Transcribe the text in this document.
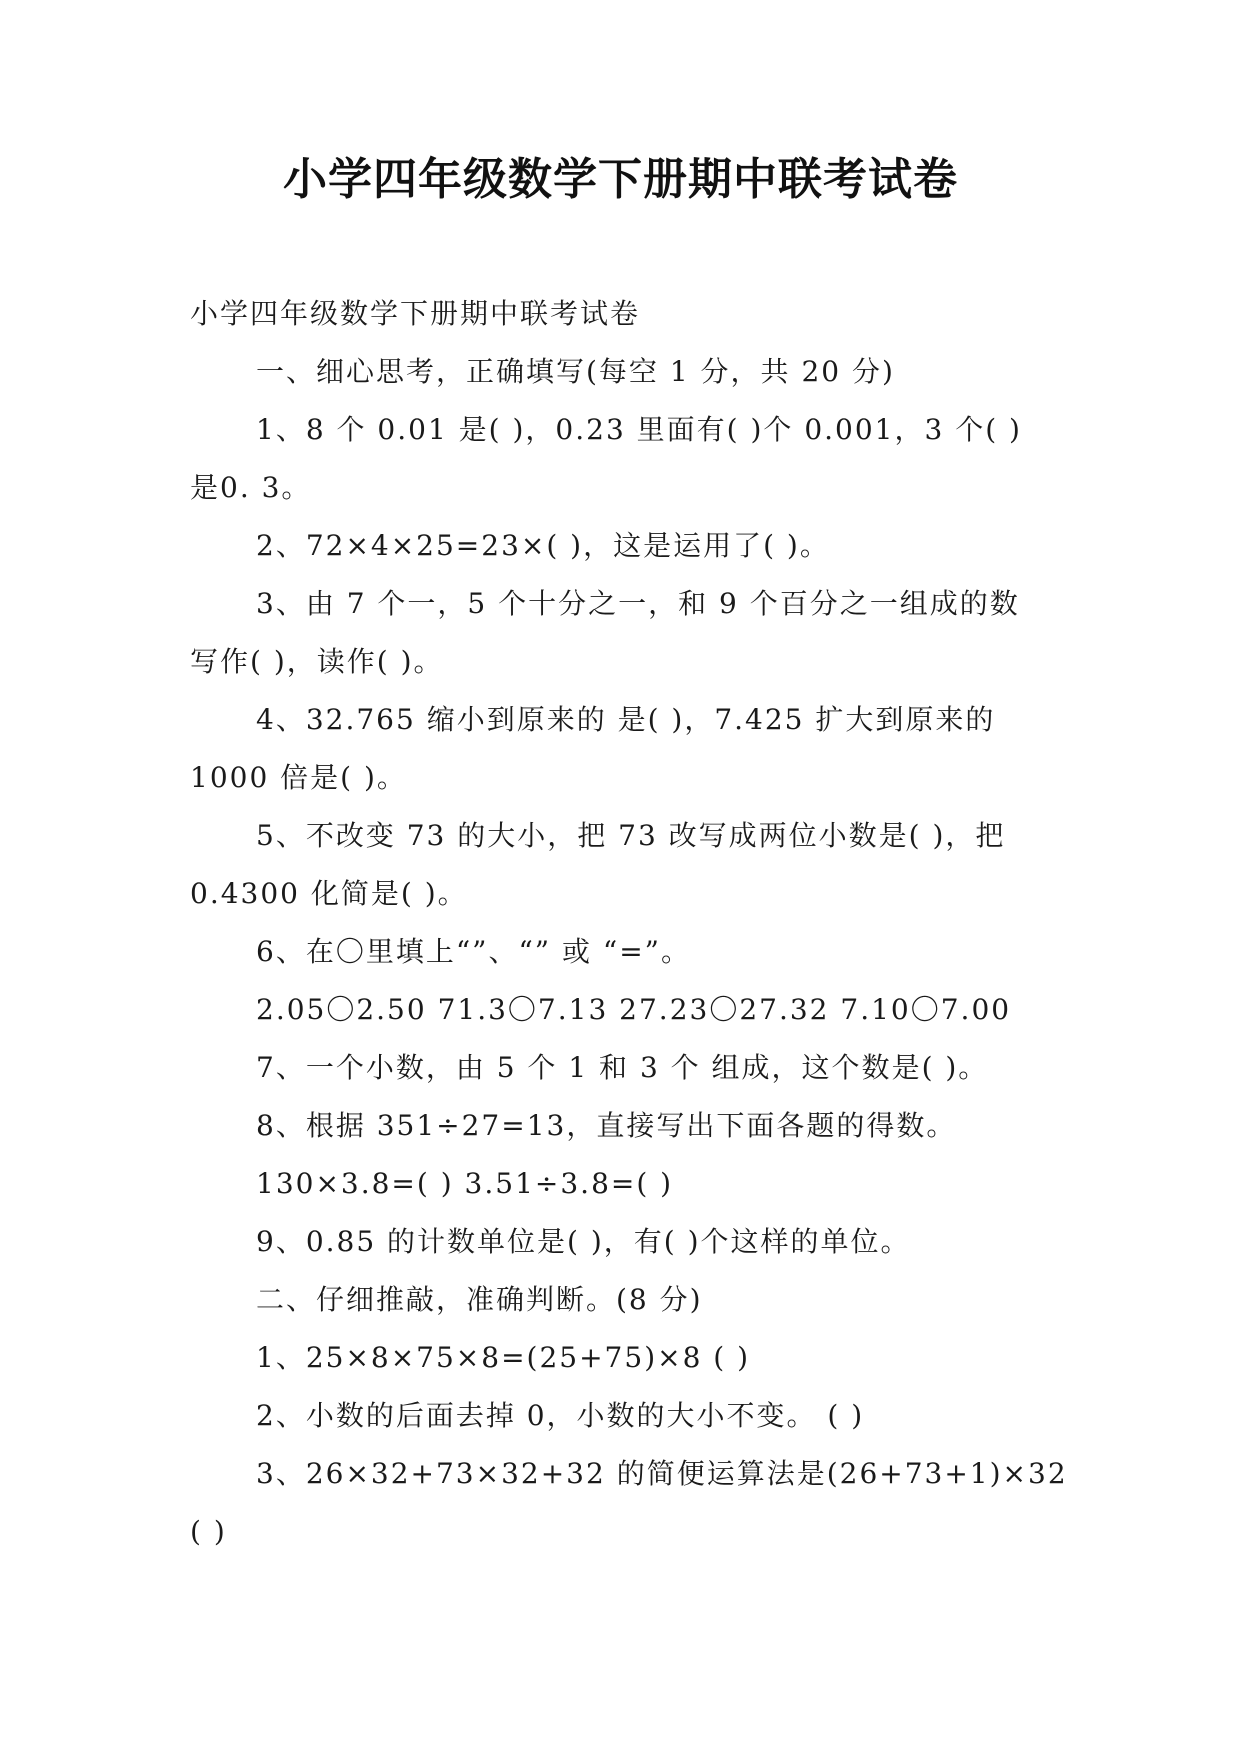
小学四年级数学下册期中联考试卷

小学四年级数学下册期中联考试卷

一、细心思考，正确填写(每空 1 分，共 20 分)

1、8 个 0.01 是( )，0.23 里面有( )个 0.001，3 个( )

是0. 3。

2、72×4×25=23×( )，这是运用了( )。

3、由 7 个一，5 个十分之一，和 9 个百分之一组成的数

写作( )，读作( )。

4、32.765 缩小到原来的 是( )，7.425 扩大到原来的

1000 倍是( )。

5、不改变 73 的大小，把 73 改写成两位小数是( )，把

0.4300 化简是( )。

6、在〇里填上“”、“” 或 “=”。

2.05〇2.50 71.3〇7.13 27.23〇27.32 7.10〇7.00

7、一个小数，由 5 个 1 和 3 个 组成，这个数是( )。

8、根据 351÷27=13，直接写出下面各题的得数。

130×3.8=( ) 3.51÷3.8=( )

9、0.85 的计数单位是( )，有( )个这样的单位。

二、仔细推敲，准确判断。(8 分)

1、25×8×75×8=(25+75)×8 ( )

2、小数的后面去掉 0，小数的大小不变。 ( )

3、26×32+73×32+32 的简便运算法是(26+73+1)×32

( )
